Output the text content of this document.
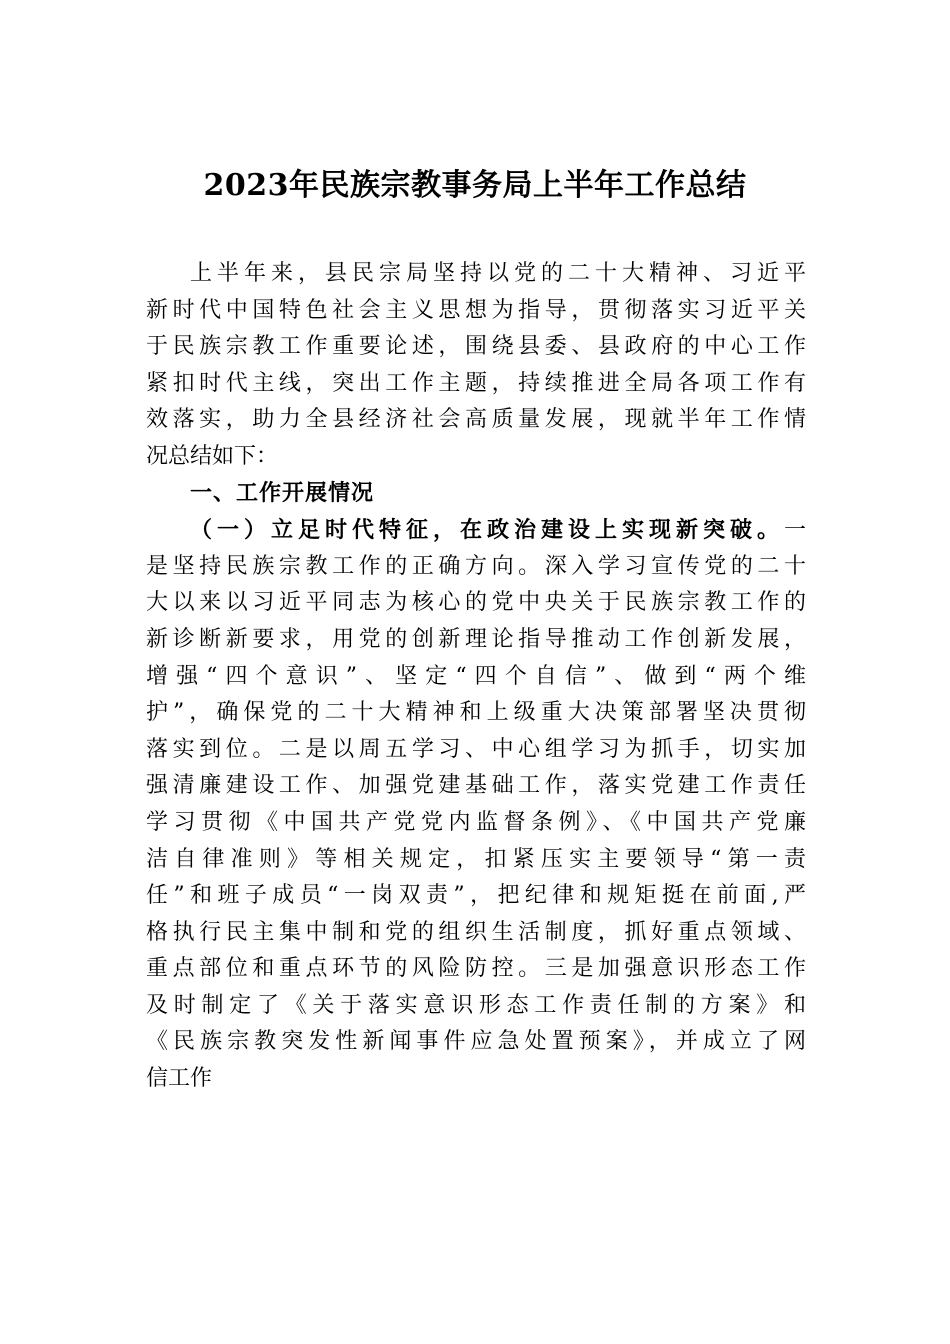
2023年民族宗教事务局上半年工作总结
上半年来，县民宗局坚持以党的二十大精神、习近平
新时代中国特色社会主义思想为指导，贯彻落实习近平关
于民族宗教工作重要论述，围绕县委、县政府的中心工作
紧扣时代主线，突出工作主题，持续推进全局各项工作有
效落实，助力全县经济社会高质量发展，现就半年工作情
况总结如下：
一、工作开展情况
（一）立足时代特征，在政治建设上实现新突破。一
是坚持民族宗教工作的正确方向。深入学习宣传党的二十
大以来以习近平同志为核心的党中央关于民族宗教工作的
新诊断新要求，用党的创新理论指导推动工作创新发展，
增强“四个意识”、坚定“四个自信”、做到“两个维
护”，确保党的二十大精神和上级重大决策部署坚决贯彻
落实到位。二是以周五学习、中心组学习为抓手，切实加
强清廉建设工作、加强党建基础工作，落实党建工作责任
学习贯彻《中国共产党党内监督条例》、《中国共产党廉
洁自律准则》等相关规定，扣紧压实主要领导“第一责
任”和班子成员“一岗双责”，把纪律和规矩挺在前面,严
格执行民主集中制和党的组织生活制度，抓好重点领域、
重点部位和重点环节的风险防控。三是加强意识形态工作
及时制定了《关于落实意识形态工作责任制的方案》和
《民族宗教突发性新闻事件应急处置预案》，并成立了网
信工作
